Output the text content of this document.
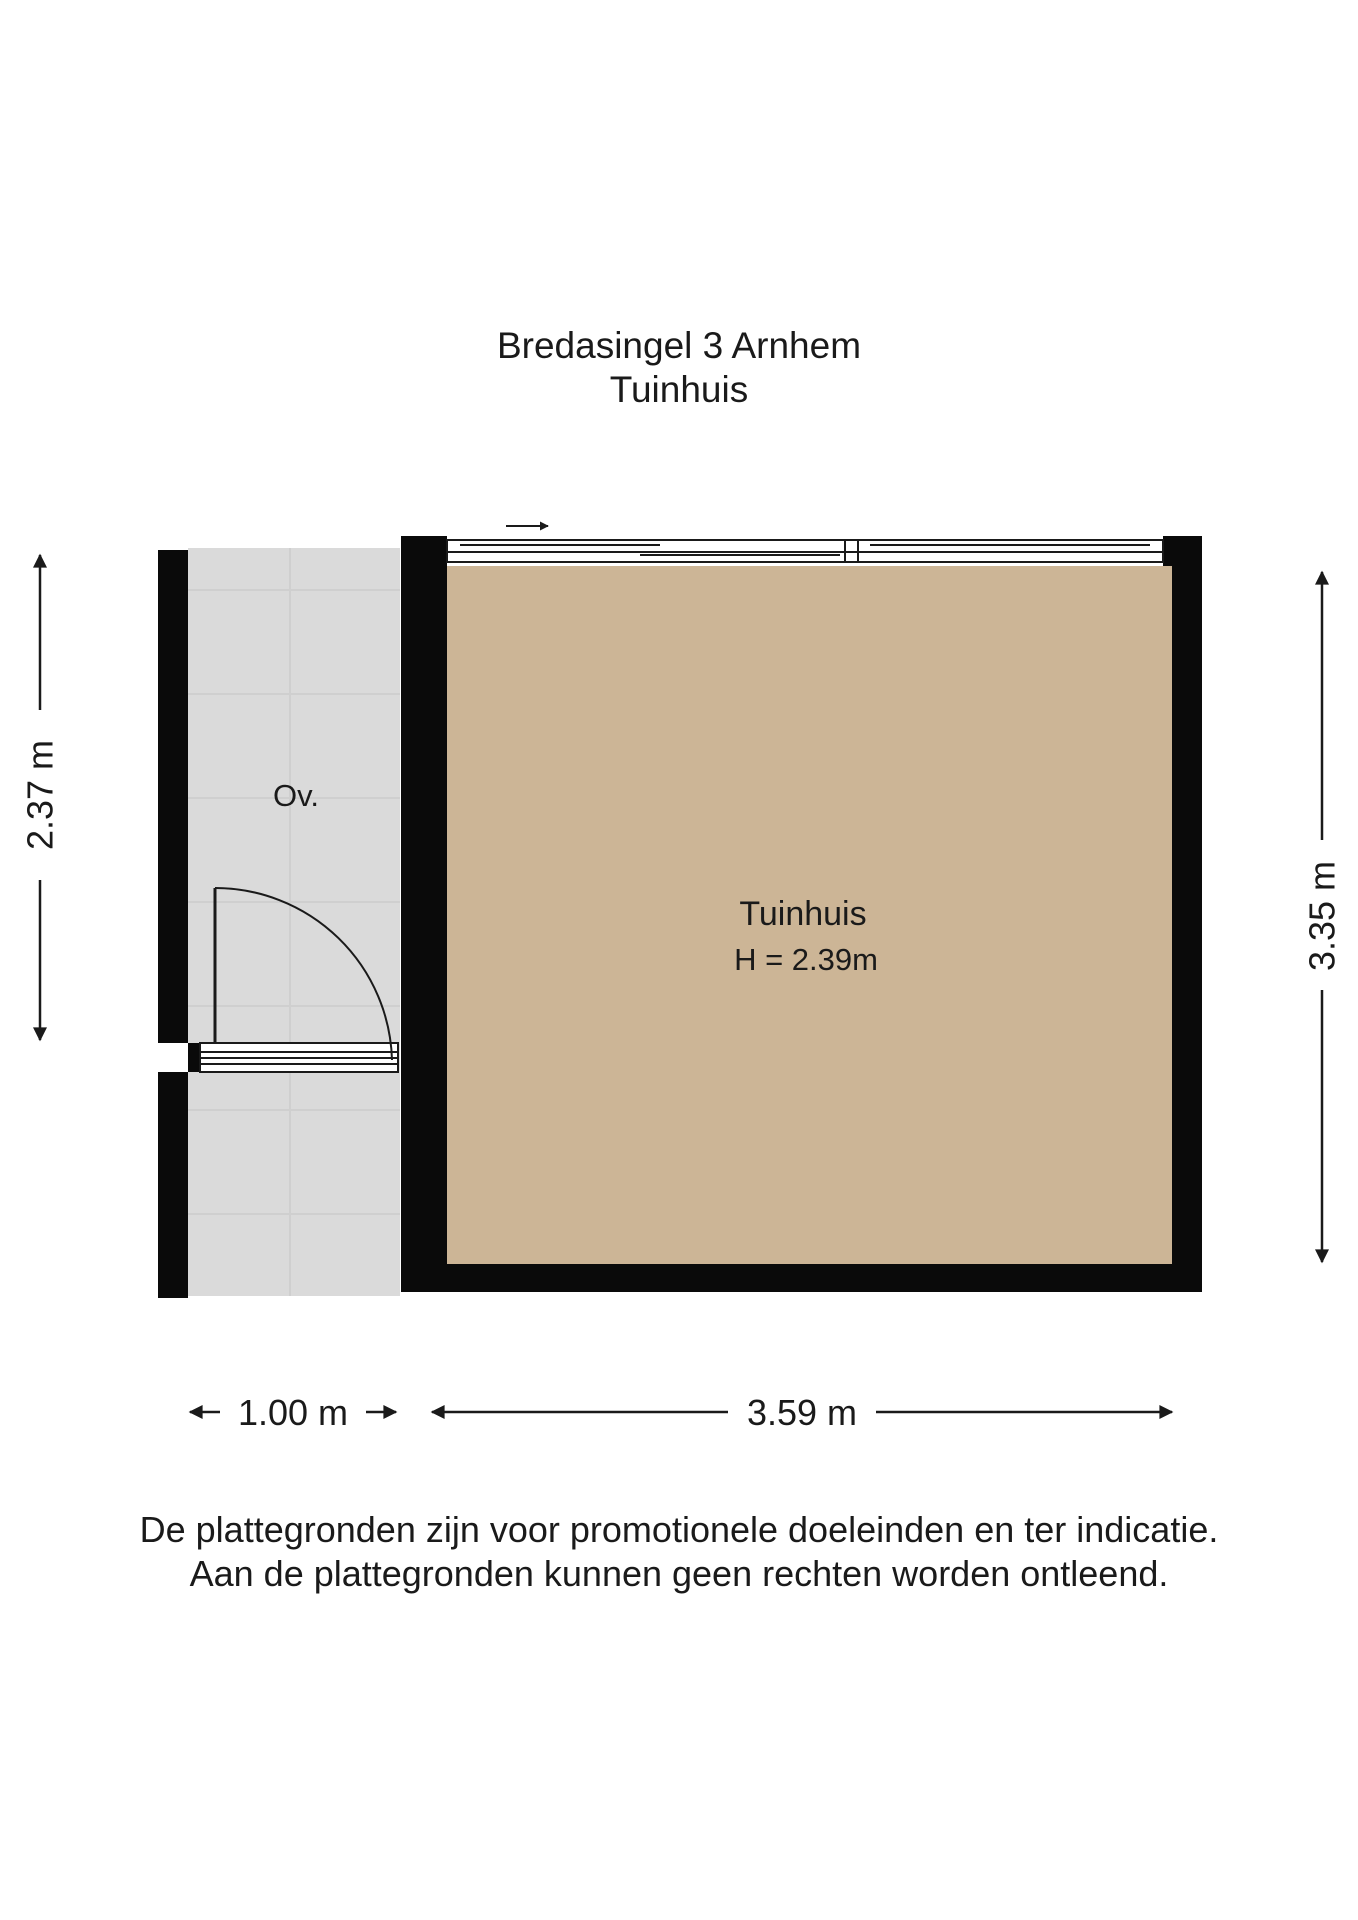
Bredasingel 3 Arnhem
Tuinhuis
Ov.
Tuinhuis
H = 2.39m
2.37 m
3.35 m
1.00 m	3.59 m
De plattegronden zijn voor promotionele doeleinden en ter indicatie.
Aan de plattegronden kunnen geen rechten worden ontleend.
